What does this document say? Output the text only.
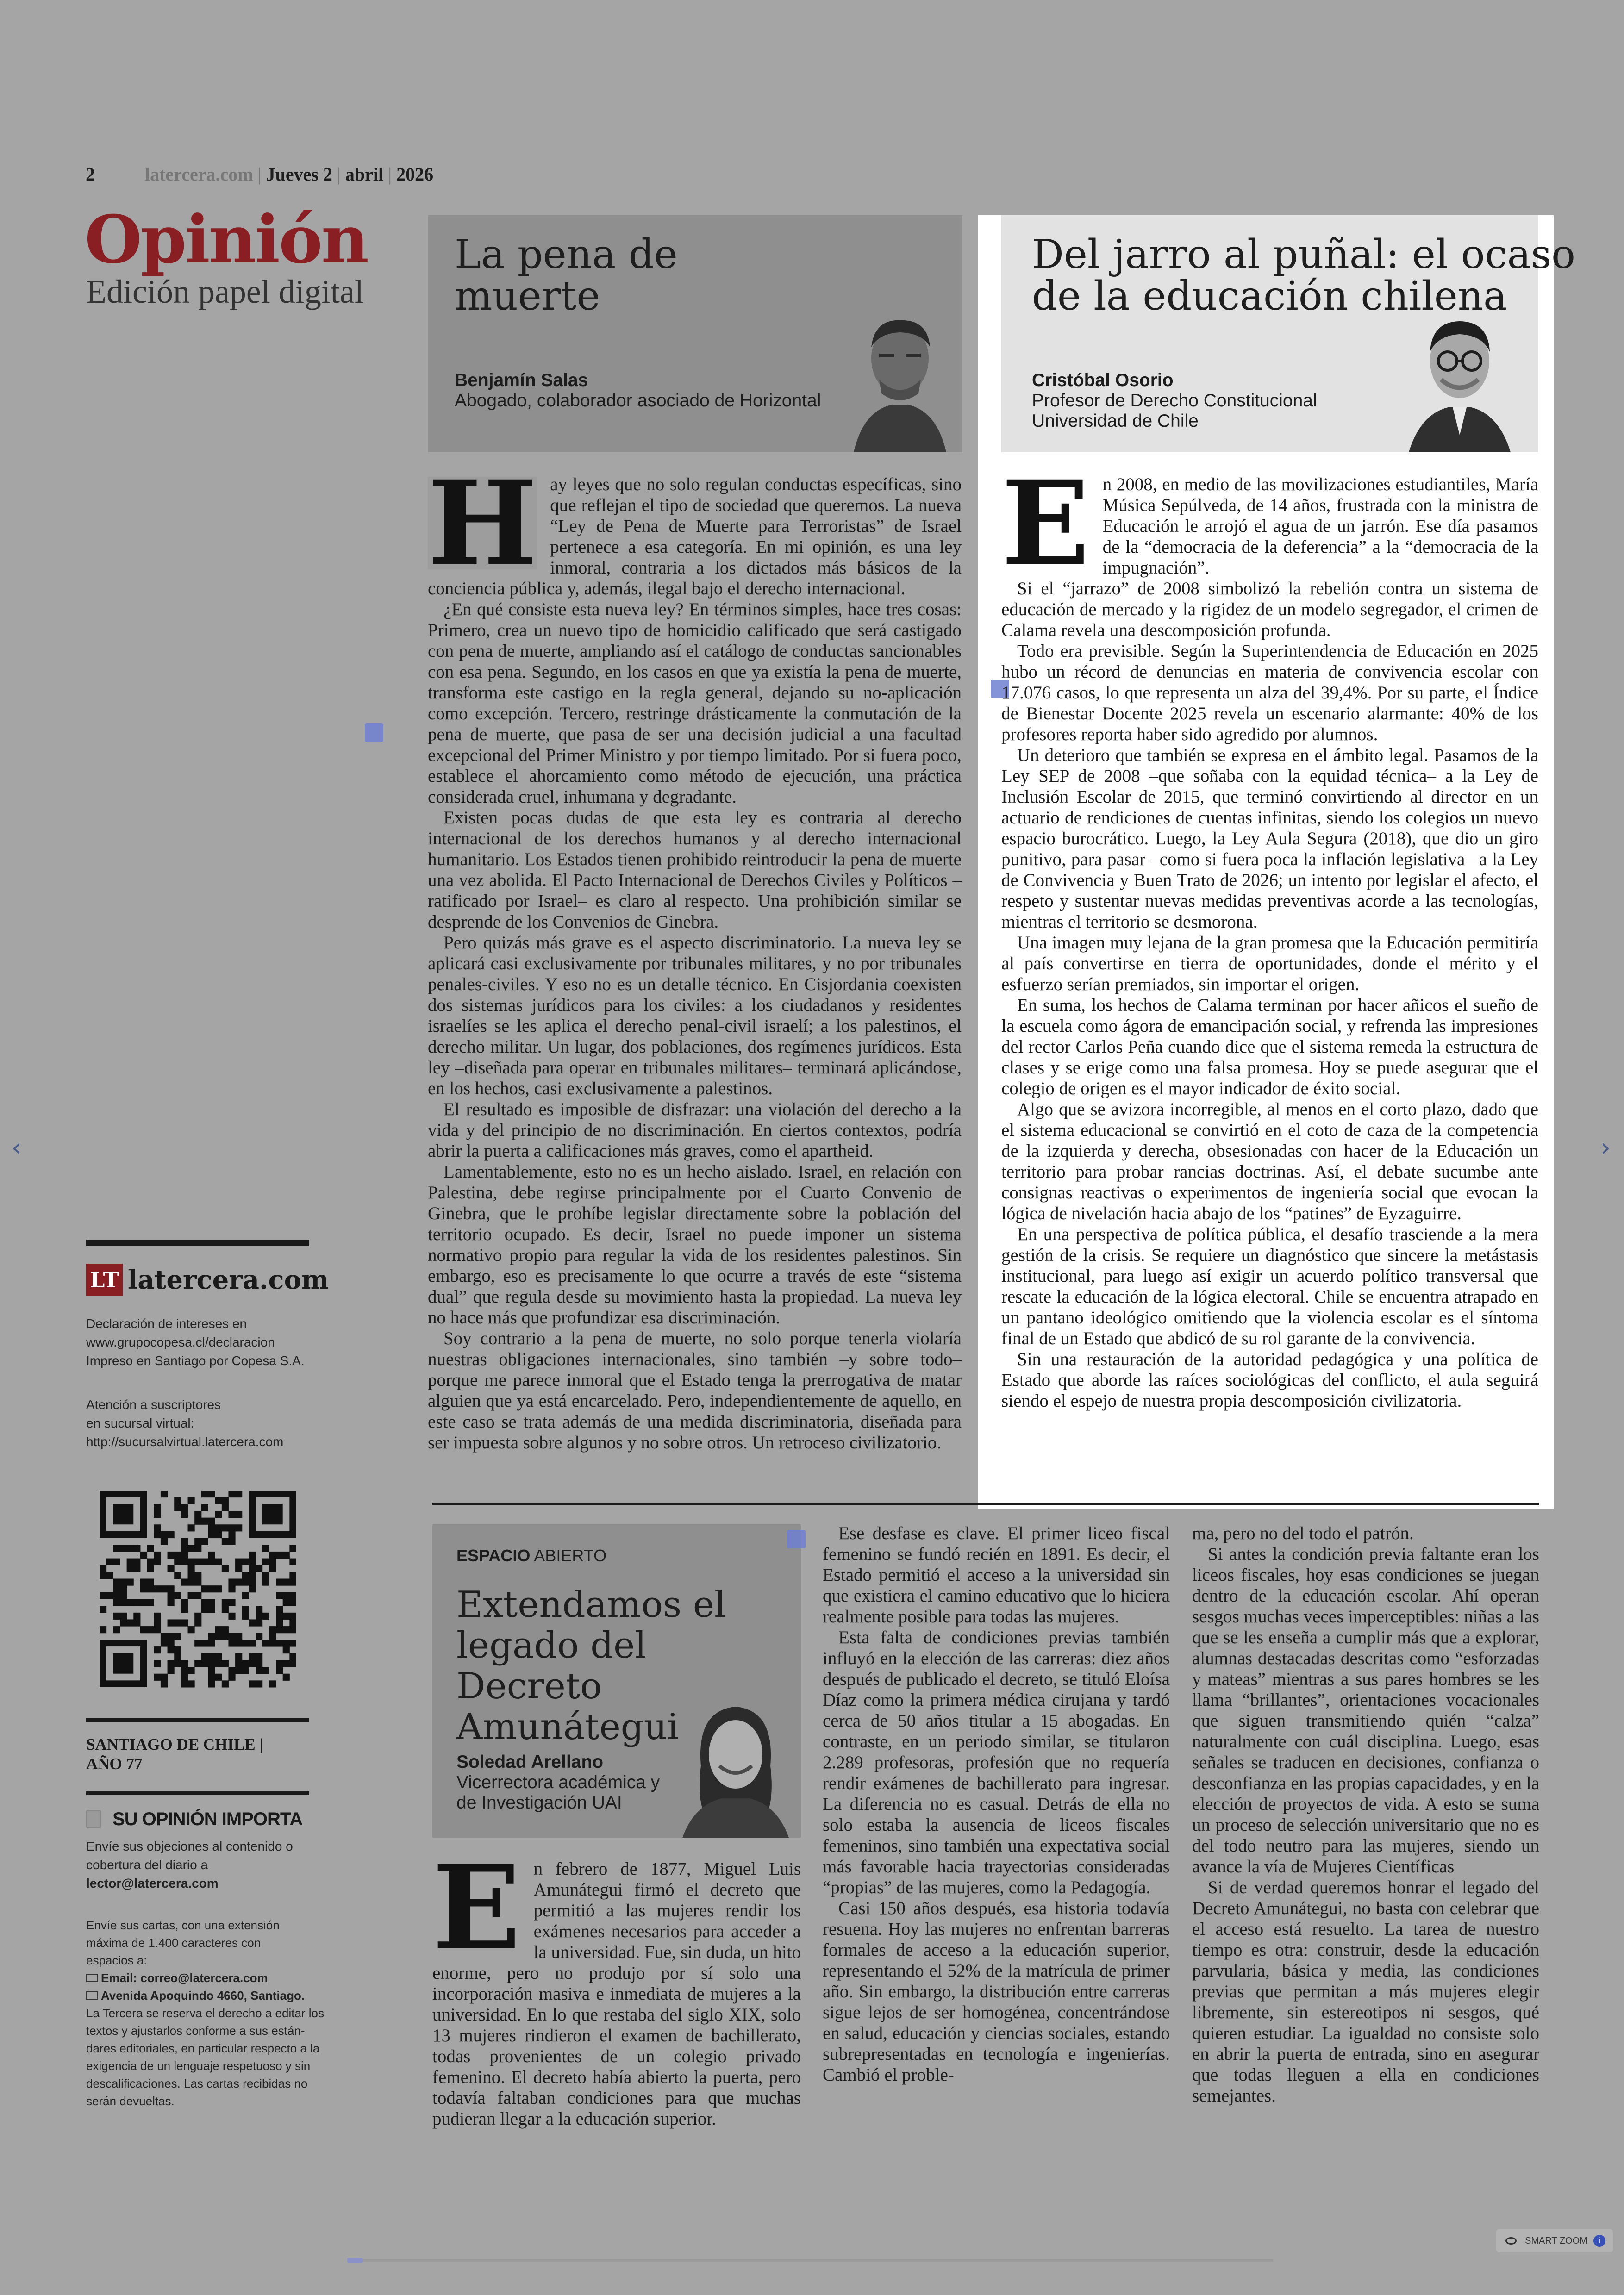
‹	›
2	latercera.com | Jueves 2 | abril | 2026
Opinión
Edición papel digital
La pena de
muerte
Benjamín Salas
Abogado, colaborador asociado de Horizontal
H ay leyes que no solo regulan conductas específicas, sino que reflejan el tipo de sociedad que queremos. La nueva “Ley de Pena de Muerte para Terroristas” de Israel pertenece a esa categoría. En mi opinión, es una ley inmoral, contraria a los dictados más básicos de la conciencia pública y, además, ilegal bajo el derecho internacional.

¿En qué consiste esta nueva ley? En términos simples, hace tres cosas: Primero, crea un nuevo tipo de homicidio calificado que será castigado con pena de muerte, ampliando así el catálogo de conductas sancionables con esa pena. Segundo, en los casos en que ya existía la pena de muerte, transforma este castigo en la regla general, dejando su no-aplicación como excepción. Tercero, restringe drásticamente la conmutación de la pena de muerte, que pasa de ser una decisión judicial a una facultad excepcional del Primer Ministro y por tiempo limitado. Por si fuera poco, establece el ahorcamiento como método de ejecución, una práctica considerada cruel, inhumana y degradante.

Existen pocas dudas de que esta ley es contraria al derecho internacional de los derechos humanos y al derecho internacional humanitario. Los Estados tienen prohibido reintroducir la pena de muerte una vez abolida. El Pacto Internacional de Derechos Civiles y Políticos –ratificado por Israel– es claro al respecto. Una prohibición similar se desprende de los Convenios de Ginebra.

Pero quizás más grave es el aspecto discriminatorio. La nueva ley se aplicará casi exclusivamente por tribunales militares, y no por tribunales penales-civiles. Y eso no es un detalle técnico. En Cisjordania coexisten dos sistemas jurídicos para los civiles: a los ciudadanos y residentes israelíes se les aplica el derecho penal-civil israelí; a los palestinos, el derecho militar. Un lugar, dos poblaciones, dos regímenes jurídicos. Esta ley –diseñada para operar en tribunales militares– terminará aplicándose, en los hechos, casi exclusivamente a palestinos.

El resultado es imposible de disfrazar: una violación del derecho a la vida y del principio de no discriminación. En ciertos contextos, podría abrir la puerta a calificaciones más graves, como el apartheid.

Lamentablemente, esto no es un hecho aislado. Israel, en relación con Palestina, debe regirse principalmente por el Cuarto Convenio de Ginebra, que le prohíbe legislar directamente sobre la población del territorio ocupado. Es decir, Israel no puede imponer un sistema normativo propio para regular la vida de los residentes palestinos. Sin embargo, eso es precisamente lo que ocurre a través de este “sistema dual” que regula desde su movimiento hasta la propiedad. La nueva ley no hace más que profundizar esa discriminación.

Soy contrario a la pena de muerte, no solo porque tenerla violaría nuestras obligaciones internacionales, sino también –y sobre todo– porque me parece inmoral que el Estado tenga la prerrogativa de matar alguien que ya está encarcelado. Pero, independientemente de aquello, en este caso se trata además de una medida discriminatoria, diseñada para ser impuesta sobre algunos y no sobre otros. Un retroceso civilizatorio.

Del jarro al puñal: el ocaso
de la educación chilena
Cristóbal Osorio
Profesor de Derecho Constitucional
Universidad de Chile
E n 2008, en medio de las movilizaciones estudiantiles, María Música Sepúlveda, de 14 años, frustrada con la ministra de Educación le arrojó el agua de un jarrón. Ese día pasamos de la “democracia de la deferencia” a la “democracia de la impugnación”.

Si el “jarrazo” de 2008 simbolizó la rebelión contra un sistema de educación de mercado y la rigidez de un modelo segregador, el crimen de Calama revela una descomposición profunda.

Todo era previsible. Según la Superintendencia de Educación en 2025 hubo un récord de denuncias en materia de convivencia escolar con 17.076 casos, lo que representa un alza del 39,4%. Por su parte, el Índice de Bienestar Docente 2025 revela un escenario alarmante: 40% de los profesores reporta haber sido agredido por alumnos.

Un deterioro que también se expresa en el ámbito legal. Pasamos de la Ley SEP de 2008 –que soñaba con la equidad técnica– a la Ley de Inclusión Escolar de 2015, que terminó convirtiendo al director en un actuario de rendiciones de cuentas infinitas, siendo los colegios un nuevo espacio burocrático. Luego, la Ley Aula Segura (2018), que dio un giro punitivo, para pasar –como si fuera poca la inflación legislativa– a la Ley de Convivencia y Buen Trato de 2026; un intento por legislar el afecto, el respeto y sustentar nuevas medidas preventivas acorde a las tecnologías, mientras el territorio se desmorona.

Una imagen muy lejana de la gran promesa que la Educación permitiría al país convertirse en tierra de oportunidades, donde el mérito y el esfuerzo serían premiados, sin importar el origen.

En suma, los hechos de Calama terminan por hacer añicos el sueño de la escuela como ágora de emancipación social, y refrenda las impresiones del rector Carlos Peña cuando dice que el sistema remeda la estructura de clases y se erige como una falsa promesa. Hoy se puede asegurar que el colegio de origen es el mayor indicador de éxito social.

Algo que se avizora incorregible, al menos en el corto plazo, dado que el sistema educacional se convirtió en el coto de caza de la competencia de la izquierda y derecha, obsesionadas con hacer de la Educación un territorio para probar rancias doctrinas. Así, el debate sucumbe ante consignas reactivas o experimentos de ingeniería social que evocan la lógica de nivelación hacia abajo de los “patines” de Eyzaguirre.

En una perspectiva de política pública, el desafío trasciende a la mera gestión de la crisis. Se requiere un diagnóstico que sincere la metástasis institucional, para luego así exigir un acuerdo político transversal que rescate la educación de la lógica electoral. Chile se encuentra atrapado en un pantano ideológico omitiendo que la violencia escolar es el síntoma final de un Estado que abdicó de su rol garante de la convivencia.

Sin una restauración de la autoridad pedagógica y una política de Estado que aborde las raíces sociológicas del conflicto, el aula seguirá siendo el espejo de nuestra propia descomposición civilizatoria.

ESPACIO ABIERTO
Extendamos el
legado del Decreto
Amunátegui
Soledad Arellano
Vicerrectora académica y
de Investigación UAI
E n febrero de 1877, Miguel Luis Amunátegui firmó el decreto que permitió a las mujeres rendir los exámenes necesarios para acceder a la universidad. Fue, sin duda, un hito enorme, pero no produjo por sí solo una incorporación masiva e inmediata de mujeres a la universidad. En lo que restaba del siglo XIX, solo 13 mujeres rindieron el examen de bachillerato, todas provenientes de un colegio privado femenino. El decreto había abierto la puerta, pero todavía faltaban condiciones para que muchas pudieran llegar a la educación superior.

Ese desfase es clave. El primer liceo fiscal femenino se fundó recién en 1891. Es decir, el Estado permitió el acceso a la universidad sin que existiera el camino educativo que lo hiciera realmente posible para todas las mujeres.

Esta falta de condiciones previas también influyó en la elección de las carreras: diez años después de publicado el decreto, se tituló Eloísa Díaz como la primera médica cirujana y tardó cerca de 50 años titular a 15 abogadas. En contraste, en un periodo similar, se titularon 2.289 profesoras, profesión que no requería rendir exámenes de bachillerato para ingresar. La diferencia no es casual. Detrás de ella no solo estaba la ausencia de liceos fiscales femeninos, sino también una expectativa social más favorable hacia trayectorias consideradas “propias” de las mujeres, como la Pedagogía.

Casi 150 años después, esa historia todavía resuena. Hoy las mujeres no enfrentan barreras formales de acceso a la educación superior, representando el 52% de la matrícula de primer año. Sin embargo, la distribución entre carreras sigue lejos de ser homogénea, concentrándose en salud, educación y ciencias sociales, estando subrepresentadas en tecnología e ingenierías. Cambió el proble-

ma, pero no del todo el patrón.

Si antes la condición previa faltante eran los liceos fiscales, hoy esas condiciones se juegan dentro de la educación escolar. Ahí operan sesgos muchas veces imperceptibles: niñas a las que se les enseña a cumplir más que a explorar, alumnas destacadas descritas como “esforzadas y mateas” mientras a sus pares hombres se les llama “brillantes”, orientaciones vocacionales que siguen transmitiendo quién “calza” naturalmente con cuál disciplina. Luego, esas señales se traducen en decisiones, confianza o desconfianza en las propias capacidades, y en la elección de proyectos de vida. A esto se suma un proceso de selección universitario que no es del todo neutro para las mujeres, siendo un avance la vía de Mujeres Científicas

Si de verdad queremos honrar el legado del Decreto Amunátegui, no basta con celebrar que el acceso está resuelto. La tarea de nuestro tiempo es otra: construir, desde la educación parvularia, básica y media, las condiciones previas que permitan a más mujeres elegir libremente, sin estereotipos ni sesgos, qué quieren estudiar. La igualdad no consiste solo en abrir la puerta de entrada, sino en asegurar que todas lleguen a ella en condiciones semejantes.

LT latercera.com
Declaración de intereses en
www.grupocopesa.cl/declaracion
Impreso en Santiago por Copesa S.A.
Atención a suscriptores
en sucursal virtual:
http://sucursalvirtual.latercera.com
SANTIAGO DE CHILE |
AÑO 77
SU OPINIÓN IMPORTA
Envíe sus objeciones al contenido o
cobertura del diario a
lector@latercera.com
Envíe sus cartas, con una extensión
máxima de 1.400 caracteres con
espacios a:
Email: correo@latercera.com
Avenida Apoquindo 4660, Santiago.
La Tercera se reserva el derecho a editar los
textos y ajustarlos conforme a sus están-
dares editoriales, en particular respecto a la
exigencia de un lenguaje respetuoso y sin
descalificaciones. Las cartas recibidas no
serán devueltas.
SMART ZOOM	i
